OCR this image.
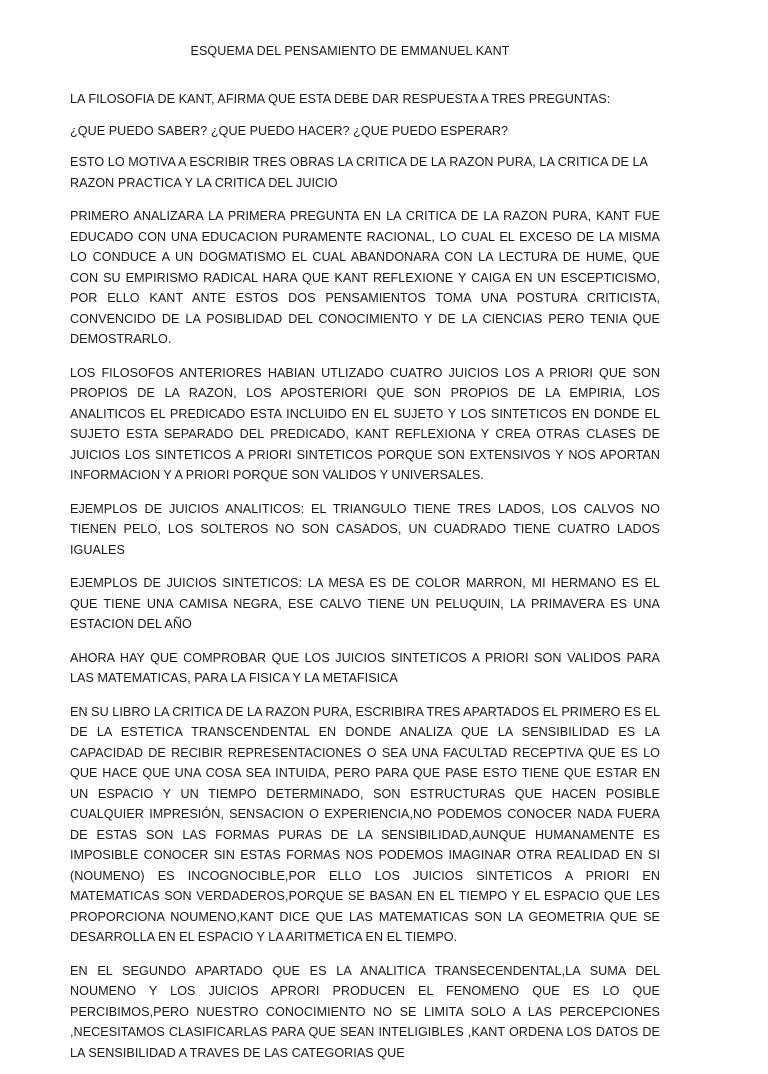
ESQUEMA DEL PENSAMIENTO DE EMMANUEL KANT

LA FILOSOFIA DE KANT, AFIRMA QUE ESTA DEBE DAR RESPUESTA A TRES PREGUNTAS:

¿QUE PUEDO SABER? ¿QUE PUEDO HACER? ¿QUE PUEDO ESPERAR?

ESTO LO MOTIVA A ESCRIBIR TRES OBRAS LA CRITICA DE LA RAZON PURA, LA CRITICA DE LA RAZON PRACTICA Y LA CRITICA DEL JUICIO

PRIMERO ANALIZARA LA PRIMERA PREGUNTA EN LA CRITICA DE LA RAZON PURA, KANT FUE EDUCADO CON UNA EDUCACION PURAMENTE RACIONAL, LO CUAL EL EXCESO DE LA MISMA LO CONDUCE A UN DOGMATISMO EL CUAL ABANDONARA CON LA LECTURA DE HUME, QUE CON SU EMPIRISMO RADICAL HARA QUE KANT REFLEXIONE Y CAIGA EN UN ESCEPTICISMO, POR ELLO KANT ANTE ESTOS DOS PENSAMIENTOS TOMA UNA POSTURA CRITICISTA, CONVENCIDO DE LA POSIBLIDAD DEL CONOCIMIENTO Y DE LA CIENCIAS PERO TENIA QUE DEMOSTRARLO.

LOS FILOSOFOS ANTERIORES HABIAN UTLIZADO CUATRO JUICIOS LOS A PRIORI QUE SON PROPIOS DE LA RAZON, LOS APOSTERIORI QUE SON PROPIOS DE LA EMPIRIA, LOS ANALITICOS EL PREDICADO ESTA INCLUIDO EN EL SUJETO Y LOS SINTETICOS EN DONDE EL SUJETO ESTA SEPARADO DEL PREDICADO, KANT REFLEXIONA Y CREA OTRAS CLASES DE JUICIOS LOS SINTETICOS A PRIORI SINTETICOS PORQUE SON EXTENSIVOS Y NOS APORTAN INFORMACION Y A PRIORI PORQUE SON VALIDOS Y UNIVERSALES.

EJEMPLOS DE JUICIOS ANALITICOS: EL TRIANGULO TIENE TRES LADOS, LOS CALVOS NO TIENEN PELO, LOS SOLTEROS NO SON CASADOS, UN CUADRADO TIENE CUATRO LADOS IGUALES

EJEMPLOS DE JUICIOS SINTETICOS: LA MESA ES DE COLOR MARRON, MI HERMANO ES EL QUE TIENE UNA CAMISA NEGRA, ESE CALVO TIENE UN PELUQUIN, LA PRIMAVERA ES UNA ESTACION DEL AÑO

AHORA HAY QUE COMPROBAR QUE LOS JUICIOS SINTETICOS A PRIORI SON VALIDOS PARA LAS MATEMATICAS, PARA LA FISICA Y LA METAFISICA

EN SU LIBRO LA CRITICA DE LA RAZON PURA, ESCRIBIRA TRES APARTADOS EL PRIMERO ES EL DE LA ESTETICA TRANSCENDENTAL EN DONDE ANALIZA QUE LA SENSIBILIDAD ES LA CAPACIDAD DE RECIBIR REPRESENTACIONES O SEA UNA FACULTAD RECEPTIVA QUE ES LO QUE HACE QUE UNA COSA SEA INTUIDA, PERO PARA QUE PASE ESTO TIENE QUE ESTAR EN UN ESPACIO Y UN TIEMPO DETERMINADO, SON ESTRUCTURAS QUE HACEN POSIBLE CUALQUIER IMPRESIÓN, SENSACION O EXPERIENCIA,NO PODEMOS CONOCER NADA FUERA DE ESTAS SON LAS FORMAS PURAS DE LA SENSIBILIDAD,AUNQUE HUMANAMENTE ES IMPOSIBLE CONOCER SIN ESTAS FORMAS NOS PODEMOS IMAGINAR OTRA REALIDAD EN SI (NOUMENO) ES INCOGNOCIBLE,POR ELLO LOS JUICIOS SINTETICOS A PRIORI EN MATEMATICAS SON VERDADEROS,PORQUE SE BASAN EN EL TIEMPO Y EL ESPACIO QUE LES PROPORCIONA NOUMENO,KANT DICE QUE LAS MATEMATICAS SON LA GEOMETRIA QUE SE DESARROLLA EN EL ESPACIO Y LA ARITMETICA EN EL TIEMPO.

EN EL SEGUNDO APARTADO QUE ES LA ANALITICA TRANSECENDENTAL,LA SUMA DEL NOUMENO Y LOS JUICIOS APRORI PRODUCEN EL FENOMENO QUE ES LO QUE PERCIBIMOS,PERO NUESTRO CONOCIMIENTO NO SE LIMITA SOLO A LAS PERCEPCIONES ,NECESITAMOS CLASIFICARLAS PARA QUE SEAN INTELIGIBLES ,KANT ORDENA LOS DATOS DE LA SENSIBILIDAD A TRAVES DE LAS CATEGORIAS QUE
